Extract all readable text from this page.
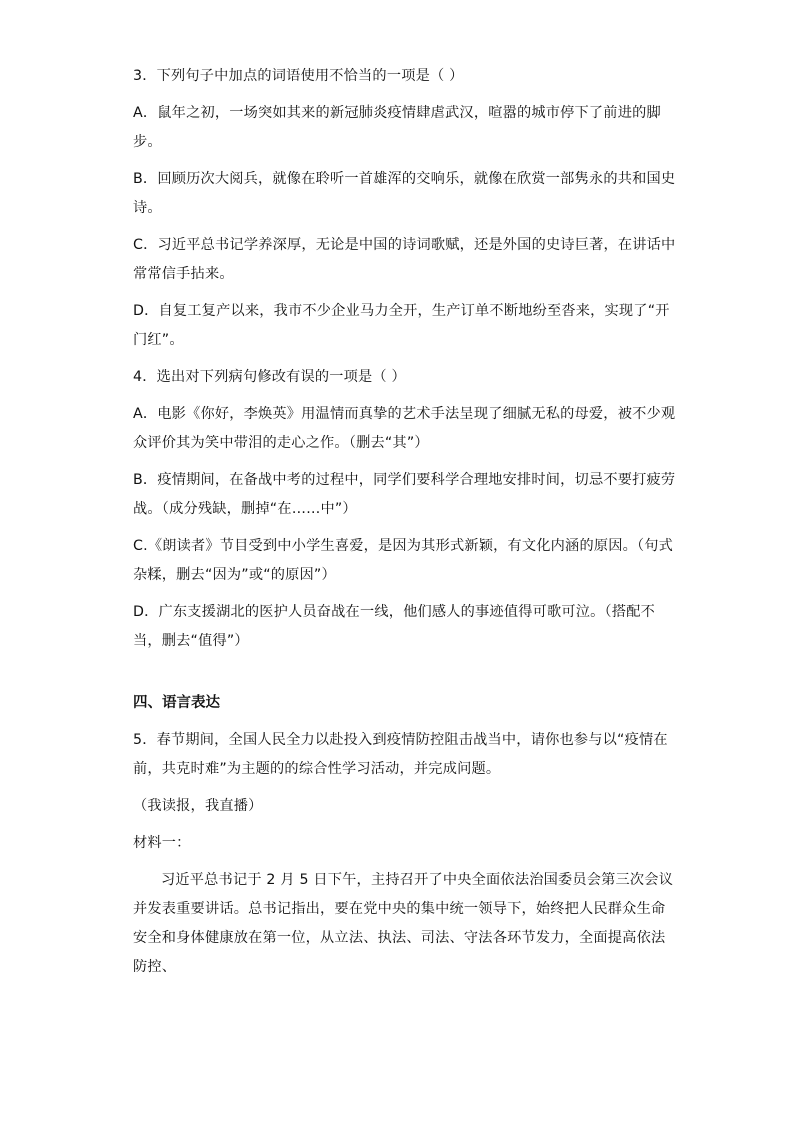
3．下列句子中加点的词语使用不恰当的一项是（ ）

A．鼠年之初，一场突如其来的新冠肺炎疫情肆虐武汉，喧嚣的城市停下了前进的脚步。

B．回顾历次大阅兵，就像在聆听一首雄浑的交响乐，就像在欣赏一部隽永的共和国史诗。

C．习近平总书记学养深厚，无论是中国的诗词歌赋，还是外国的史诗巨著，在讲话中常常信手拈来。

D．自复工复产以来，我市不少企业马力全开，生产订单不断地纷至沓来，实现了“开门红”。

4．选出对下列病句修改有误的一项是（ ）

A．电影《你好，李焕英》用温情而真挚的艺术手法呈现了细腻无私的母爱，被不少观众评价其为笑中带泪的走心之作。（删去“其”）

B．疫情期间，在备战中考的过程中，同学们要科学合理地安排时间，切忌不要打疲劳战。（成分残缺，删掉“在……中”）

C.《朗读者》节目受到中小学生喜爱，是因为其形式新颖，有文化内涵的原因。（句式杂糅，删去“因为”或“的原因”）

D．广东支援湖北的医护人员奋战在一线，他们感人的事迹值得可歌可泣。（搭配不当，删去“值得”）

四、语言表达

5．春节期间，全国人民全力以赴投入到疫情防控阻击战当中，请你也参与以“疫情在前，共克时难”为主题的的综合性学习活动，并完成问题。

（我读报，我直播）

材料一：

习近平总书记于 2 月 5 日下午，主持召开了中央全面依法治国委员会第三次会议并发表重要讲话。总书记指出，要在党中央的集中统一领导下，始终把人民群众生命安全和身体健康放在第一位，从立法、执法、司法、守法各环节发力，全面提高依法防控、
